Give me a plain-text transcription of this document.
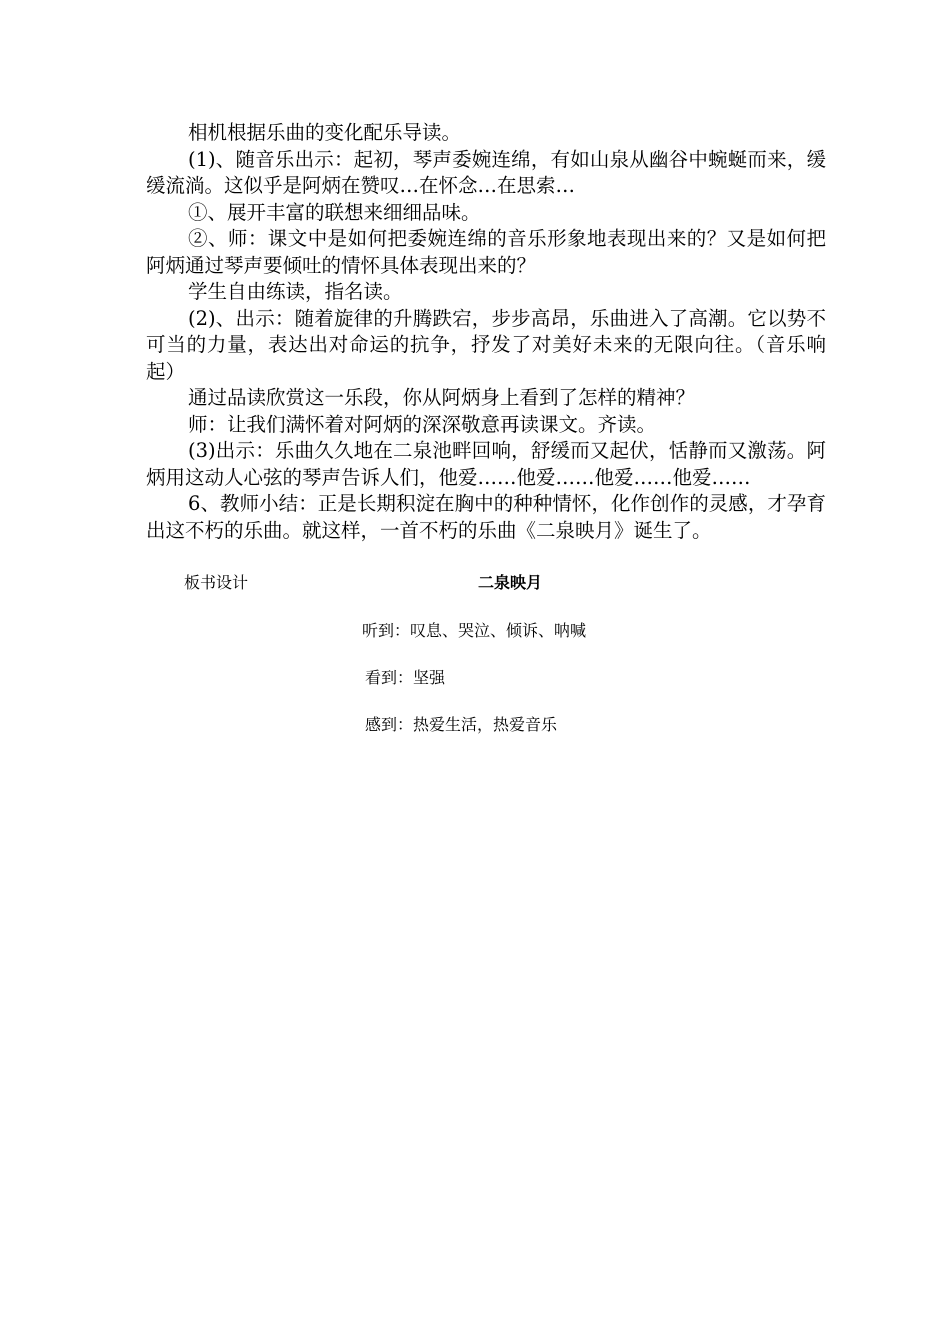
相机根据乐曲的变化配乐导读。

(1)、随音乐出示：起初，琴声委婉连绵，有如山泉从幽谷中蜿蜒而来，缓缓流淌。这似乎是阿炳在赞叹…在怀念…在思索…

①、展开丰富的联想来细细品味。

②、师：课文中是如何把委婉连绵的音乐形象地表现出来的？又是如何把阿炳通过琴声要倾吐的情怀具体表现出来的？

学生自由练读，指名读。

(2)、出示：随着旋律的升腾跌宕，步步高昂，乐曲进入了高潮。它以势不可当的力量，表达出对命运的抗争，抒发了对美好未来的无限向往。（音乐响起）

通过品读欣赏这一乐段，你从阿炳身上看到了怎样的精神？

师：让我们满怀着对阿炳的深深敬意再读课文。齐读。

(3)出示：乐曲久久地在二泉池畔回响，舒缓而又起伏，恬静而又激荡。阿炳用这动人心弦的琴声告诉人们，他爱……他爱……他爱……他爱……

6、教师小结：正是长期积淀在胸中的种种情怀，化作创作的灵感，才孕育出这不朽的乐曲。就这样，一首不朽的乐曲《二泉映月》诞生了。

板书设计	二泉映月
听到：叹息、哭泣、倾诉、呐喊
看到：坚强
感到：热爱生活，热爱音乐
